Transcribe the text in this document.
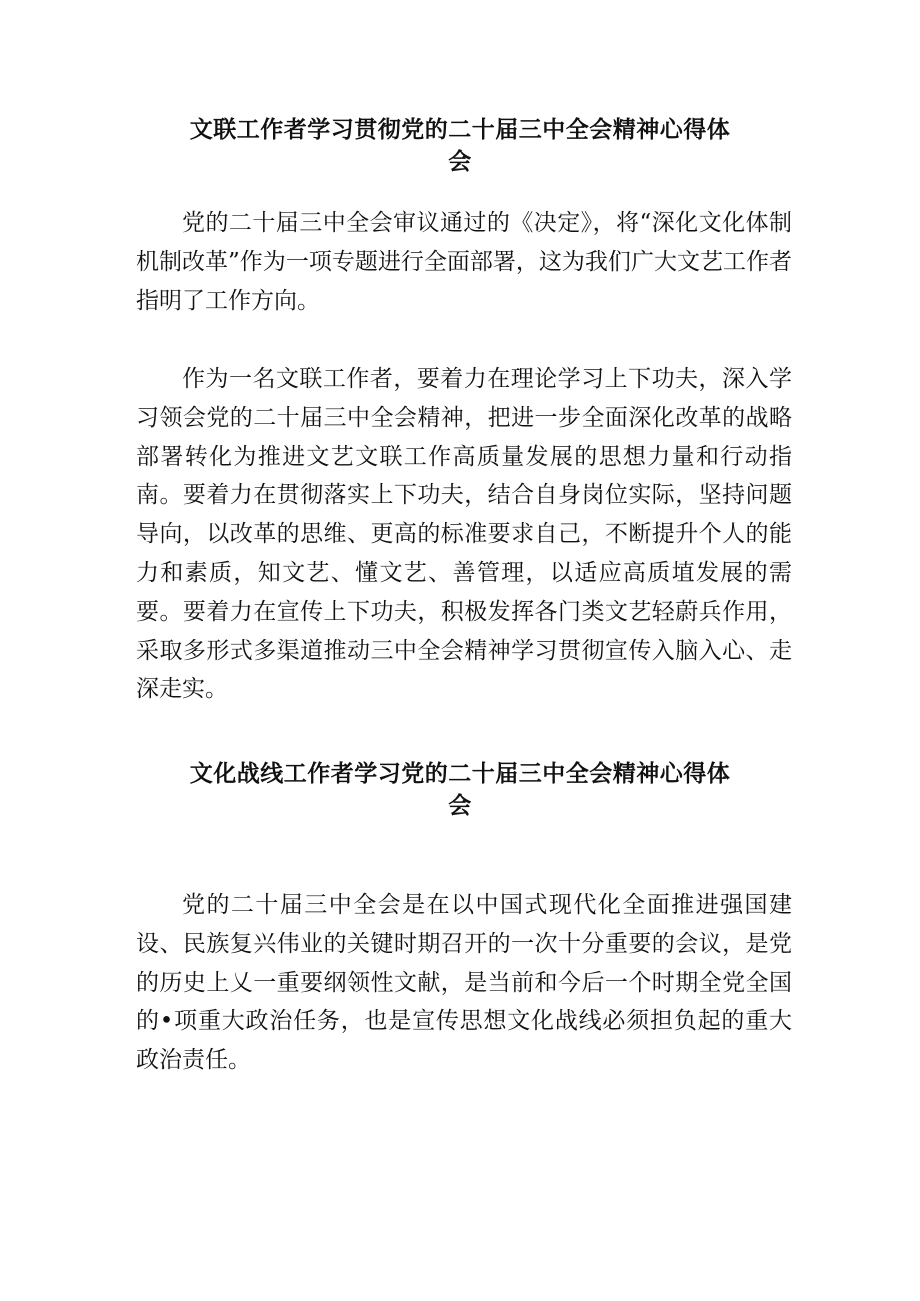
文联工作者学习贯彻党的二十届三中全会精神心得体
会

党的二十届三中全会审议通过的《决定》，将“深化文化体制机制改革”作为一项专题进行全面部署，这为我们广大文艺工作者指明了工作方向。

作为一名文联工作者，要着力在理论学习上下功夫，深入学习领会党的二十届三中全会精神，把进一步全面深化改革的战略部署转化为推进文艺文联工作高质量发展的思想力量和行动指南。要着力在贯彻落实上下功夫，结合自身岗位实际，坚持问题导向，以改革的思维、更高的标准要求自己，不断提升个人的能力和素质，知文艺、懂文艺、善管理，以适应高质埴发展的需要。要着力在宣传上下功夫，积极发挥各门类文艺轻蔚兵作用，采取多形式多渠道推动三中全会精神学习贯彻宣传入脑入心、走深走实。

文化战线工作者学习党的二十届三中全会精神心得体
会

党的二十届三中全会是在以中国式现代化全面推进强国建设、民族复兴伟业的关键时期召开的一次十分重要的会议，是党的历史上乂一重要纲领性文献，是当前和今后一个时期全党全国的•项重大政治任务，也是宣传思想文化战线必须担负起的重大政治责任。
